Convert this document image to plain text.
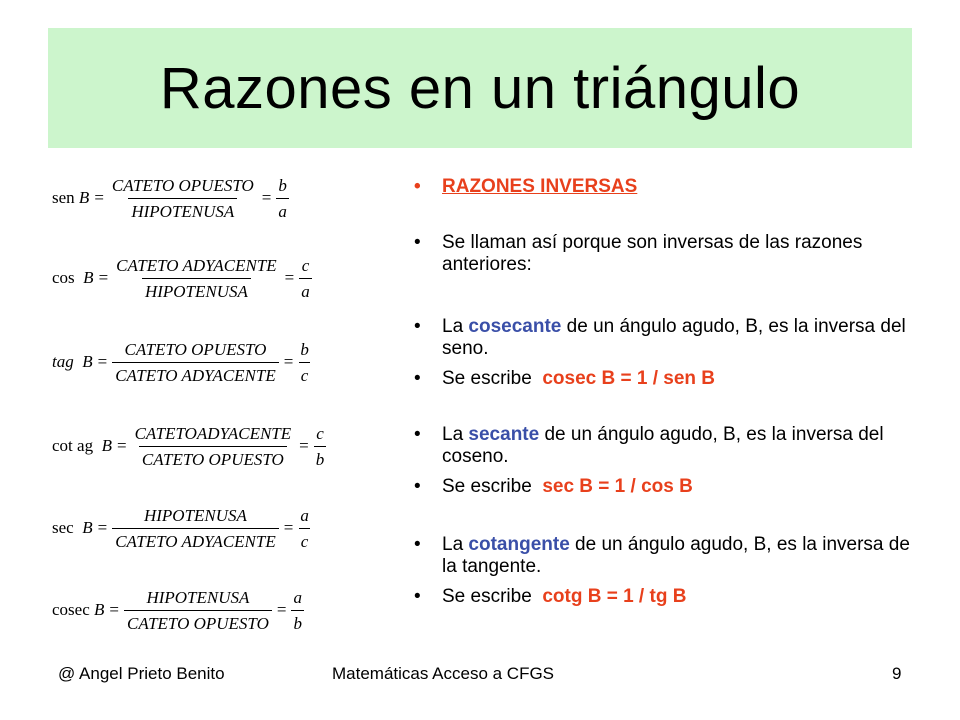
Razones en un triángulo
sen $B = \frac{\text{CATETO OPUESTO}}{\text{HIPOTENUSA}} = \frac{b}{a}$
$\cos B = \frac{\text{CATETO ADYACENTE}}{\text{HIPOTENUSA}} = \frac{c}{a}$
tag  $B = \frac{\text{CATETO OPUESTO}}{\text{CATETO ADYACENTE}} = \frac{b}{c}$
cot ag  $B = \frac{\text{CATETOADYACENTE}}{\text{CATETO OPUESTO}} = \frac{c}{b}$
$\sec B = \frac{\text{HIPOTENUSA}}{\text{CATETO ADYACENTE}} = \frac{a}{c}$
cosec $B = \frac{\text{HIPOTENUSA}}{\text{CATETO OPUESTO}} = \frac{a}{b}$
•	RAZONES INVERSAS
•	Se llaman así porque son inversas de las razones anteriores:
•	La cosecante de un ángulo agudo, B, es la inversa del seno.
•	Se escribe  cosec B = 1 / sen B
•	La secante de un ángulo agudo, B, es la inversa del coseno.
•	Se escribe  sec B = 1 / cos B
•	La cotangente de un ángulo agudo, B, es la inversa de la tangente.
•	Se escribe  cotg B = 1 / tg B
@ Angel Prieto Benito	Matemáticas Acceso a CFGS	9
